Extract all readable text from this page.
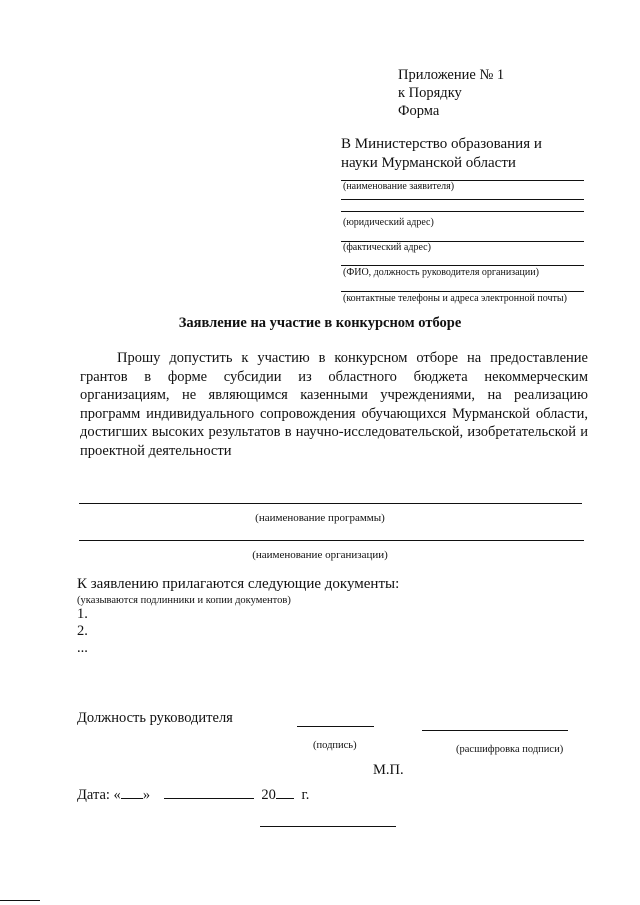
Приложение № 1
к Порядку
Форма
В Министерство образования и
науки Мурманской области
(наименование заявителя)
(юридический адрес)
(фактический адрес)
(ФИО, должность руководителя организации)
(контактные телефоны и адреса электронной почты)
Заявление на участие в конкурсном отборе
Прошу допустить к участию в конкурсном отборе на предоставление грантов в форме субсидии из областного бюджета некоммерческим организациям, не являющимся казенными учреждениями, на реализацию программ индивидуального сопровождения обучающихся Мурманской области, достигших высоких результатов в научно-исследовательской, изобретательской и проектной деятельности
(наименование программы)
(наименование организации)
К заявлению прилагаются следующие документы:
(указываются подлинники и копии документов)
1.
2.
...
Должность руководителя
(подпись)	(расшифровка подписи)
М.П.
Дата: « »	20 г.
